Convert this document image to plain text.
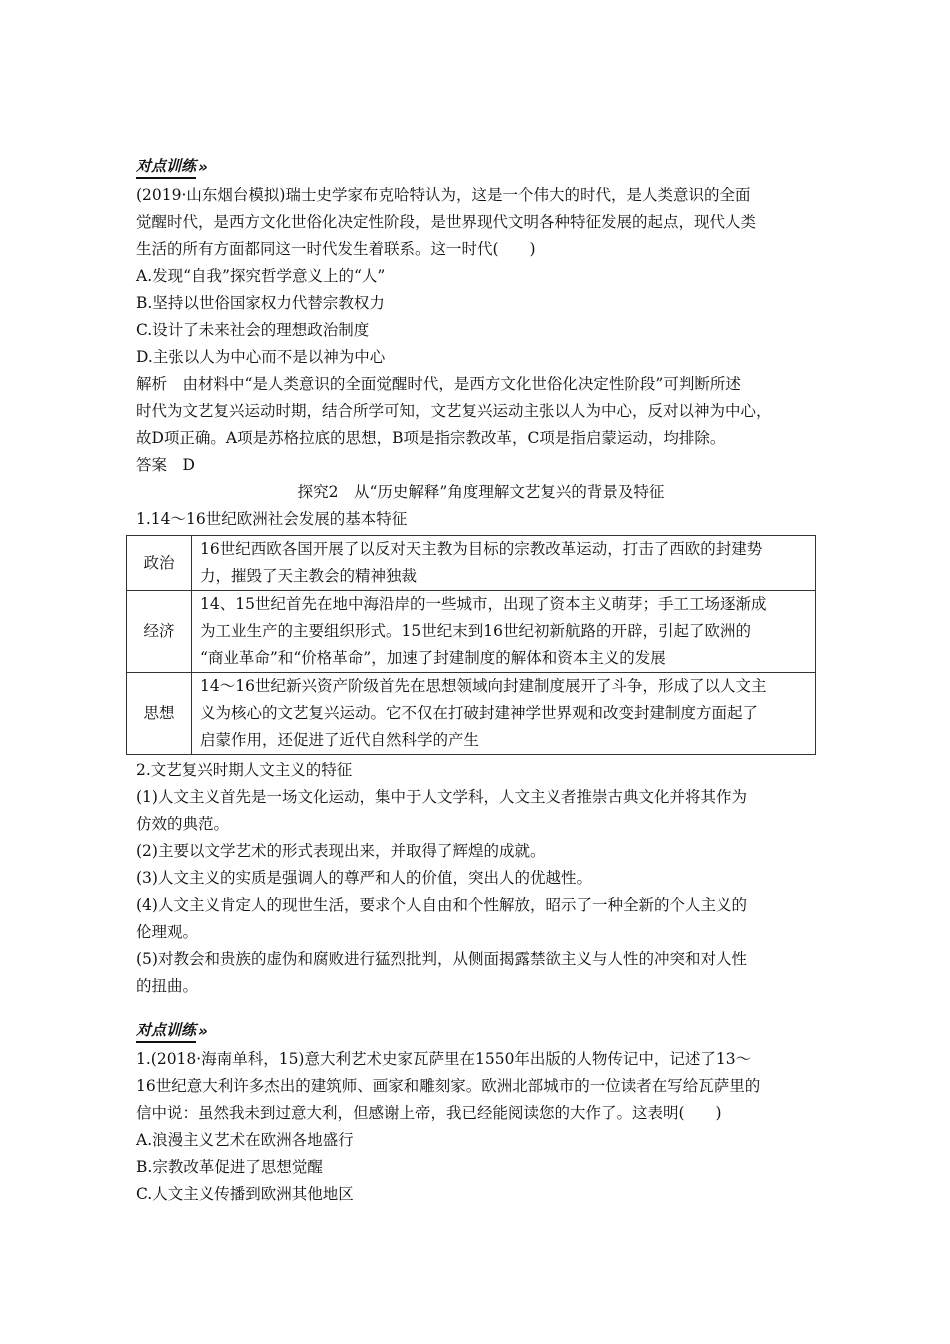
对点训练 »
(2019·山东烟台模拟)瑞士史学家布克哈特认为，这是一个伟大的时代，是人类意识的全面
觉醒时代，是西方文化世俗化决定性阶段，是世界现代文明各种特征发展的起点，现代人类
生活的所有方面都同这一时代发生着联系。这一时代(　　)
A.发现“自我”探究哲学意义上的“人”
B.坚持以世俗国家权力代替宗教权力
C.设计了未来社会的理想政治制度
D.主张以人为中心而不是以神为中心
解析　由材料中“是人类意识的全面觉醒时代，是西方文化世俗化决定性阶段”可判断所述
时代为文艺复兴运动时期，结合所学可知，文艺复兴运动主张以人为中心，反对以神为中心，
故D项正确。A项是苏格拉底的思想，B项是指宗教改革，C项是指启蒙运动，均排除。
答案　D
探究2　从“历史解释”角度理解文艺复兴的背景及特征
1.14～16世纪欧洲社会发展的基本特征
政治	16世纪西欧各国开展了以反对天主教为目标的宗教改革运动，打击了西欧的封建势
力，摧毁了天主教会的精神独裁

经济	14、15世纪首先在地中海沿岸的一些城市，出现了资本主义萌芽；手工工场逐渐成
为工业生产的主要组织形式。15世纪末到16世纪初新航路的开辟，引起了欧洲的
“商业革命”和“价格革命”，加速了封建制度的解体和资本主义的发展

思想	14～16世纪新兴资产阶级首先在思想领域向封建制度展开了斗争，形成了以人文主
义为核心的文艺复兴运动。它不仅在打破封建神学世界观和改变封建制度方面起了
启蒙作用，还促进了近代自然科学的产生
2.文艺复兴时期人文主义的特征
(1)人文主义首先是一场文化运动，集中于人文学科，人文主义者推崇古典文化并将其作为
仿效的典范。
(2)主要以文学艺术的形式表现出来，并取得了辉煌的成就。
(3)人文主义的实质是强调人的尊严和人的价值，突出人的优越性。
(4)人文主义肯定人的现世生活，要求个人自由和个性解放，昭示了一种全新的个人主义的
伦理观。
(5)对教会和贵族的虚伪和腐败进行猛烈批判，从侧面揭露禁欲主义与人性的冲突和对人性
的扭曲。
对点训练 »
1.(2018·海南单科，15)意大利艺术史家瓦萨里在1550年出版的人物传记中，记述了13～
16世纪意大利许多杰出的建筑师、画家和雕刻家。欧洲北部城市的一位读者在写给瓦萨里的
信中说：虽然我未到过意大利，但感谢上帝，我已经能阅读您的大作了。这表明(　　)
A.浪漫主义艺术在欧洲各地盛行
B.宗教改革促进了思想觉醒
C.人文主义传播到欧洲其他地区
